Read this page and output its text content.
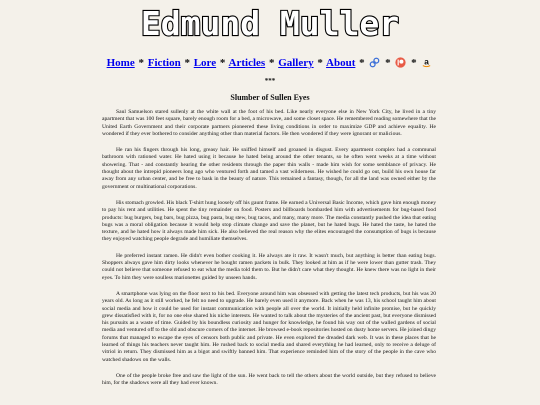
Edmund Muller
Home * Fiction * Lore * Articles * Gallery * About * * * a
***
Slumber of Sullen Eyes

Saul Samuelson stared sullenly at the white wall at the foot of his bed. Like nearly everyone else in New York City, he lived in a tiny apartment that was 100 feet square, barely enough room for a bed, a microwave, and some closet space. He remembered reading somewhere that the United Earth Government and their corporate partners pioneered these living conditions in order to maximize GDP and achieve equality. He wondered if they ever bothered to consider anything other than material factors. He then wondered if they were ignorant or malicious.

He ran his fingers through his long, greasy hair. He sniffed himself and groaned in disgust. Every apartment complex had a communal bathroom with rationed water. He hated using it because he hated being around the other tenants, so he often went weeks at a time without showering. That - and constantly hearing the other residents through the paper thin walls - made him wish for some semblance of privacy. He thought about the intrepid pioneers long ago who ventured forth and tamed a vast wilderness. He wished he could go out, build his own house far away from any urban center, and be free to bask in the beauty of nature. This remained a fantasy, though, for all the land was owned either by the government or multinational corporations.

His stomach growled. His black T-shirt hung loosely off his gaunt frame. He earned a Universal Basic Income, which gave him enough money to pay his rent and utilities. He spent the tiny remainder on food. Posters and billboards bombarded him with advertisements for bug-based food products: bug burgers, bug bars, bug pizza, bug pasta, bug stew, bug tacos, and many, many more. The media constantly pushed the idea that eating bugs was a moral obligation because it would help stop climate change and save the planet, but he hated bugs. He hated the taste, he hated the texture, and he hated how it always made him sick. He also believed the real reason why the elites encouraged the consumption of bugs is because they enjoyed watching people degrade and humiliate themselves.

He preferred instant ramen. He didn't even bother cooking it. He always ate it raw. It wasn't much, but anything is better than eating bugs. Shoppers always gave him dirty looks whenever he bought ramen packets in bulk. They looked at him as if he were lower than gutter trash. They could not believe that someone refused to eat what the media told them to. But he didn't care what they thought. He knew there was no light in their eyes. To him they were soulless marionettes guided by unseen hands.

A smartphone was lying on the floor next to his bed. Everyone around him was obsessed with getting the latest tech products, but his was 20 years old. As long as it still worked, he felt no need to upgrade. He barely even used it anymore. Back when he was 13, his school taught him about social media and how it could be used for instant communication with people all over the world. It initially held infinite promise, but he quickly grew dissatisfied with it, for no one else shared his niche interests. He wanted to talk about the mysteries of the ancient past, but everyone dismissed his pursuits as a waste of time. Guided by his boundless curiosity and hunger for knowledge, he found his way out of the walled gardens of social media and ventured off to the old and obscure corners of the internet. He browsed e-book repositories hosted on dusty home servers. He joined dingy forums that managed to escape the eyes of censors both public and private. He even explored the dreaded dark web. It was in these places that he learned of things his teachers never taught him. He rushed back to social media and shared everything he had learned, only to receive a deluge of vitriol in return. They dismissed him as a bigot and swiftly banned him. That experience reminded him of the story of the people in the cave who watched shadows on the walls.

One of the people broke free and saw the light of the sun. He went back to tell the others about the world outside, but they refused to believe him, for the shadows were all they had ever known.
